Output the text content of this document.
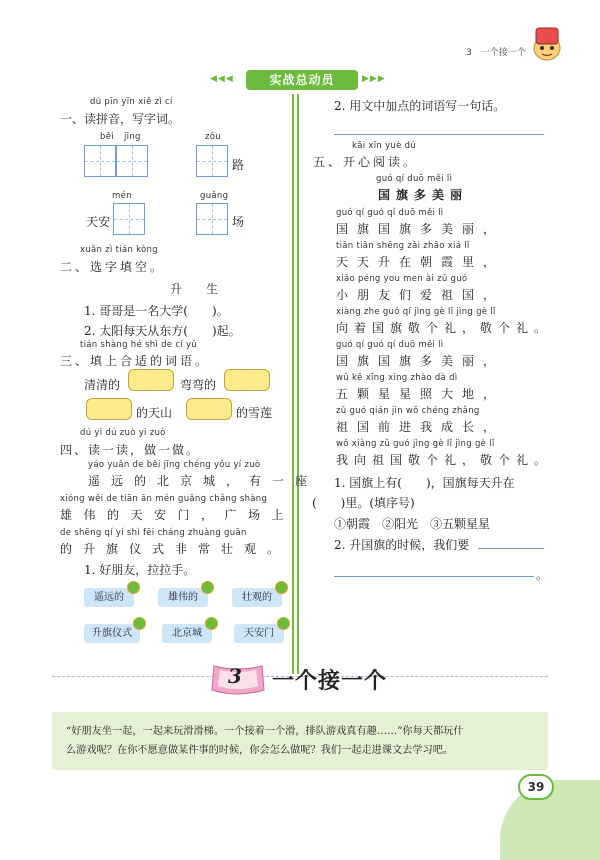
3　一个接一个
◀◀◀	实战总动员	▶▶▶
dú pīn yīn xiě zì cí
一、读拼音，写字词。
běi jīng	zǒu
路
mén
天安
guǎng
场
xuǎn zì tián kòng
二、选字填空。
升　　生
1. 哥哥是一名大学(　　)。
2. 太阳每天从东方(　　)起。
tián shàng hé shì de cí yǔ
三、填上合适的词语。
清清的	弯弯的
的天山	的雪莲
dú yi dú zuò yi zuò
四、读一读，做一做。
yáo yuǎn de běi jīng chéng yǒu yí zuò
遥远的北京城，有一座
xióng wěi de tiān ān mén guǎng chǎng shàng
雄伟的天安门，广场上
de shēng qí yí shì fēi cháng zhuàng guān
的升旗仪式非常壮观。
1. 好朋友，拉拉手。
遥远的	雄伟的	壮观的
升旗仪式	北京城	天安门
2. 用文中加点的词语写一句话。
kāi xīn yuè dú
五、开心阅读。
guó qí duō měi lì
国旗多美丽
guó qí guó qí duō měi lì
国旗国旗多美丽，
tiān tiān shēng zài zhāo xiá lǐ
天天升在朝霞里，
xiǎo péng you men ài zǔ guó
小朋友们爱祖国，
xiàng zhe guó qí jìng gè lǐ jìng gè lǐ
向着国旗敬个礼，敬个礼。
guó qí guó qí duō měi lì
国旗国旗多美丽，
wǔ kē xīng xing zhào dà dì
五颗星星照大地，
zǔ guó qián jìn wǒ chéng zhǎng
祖国前进我成长，
wǒ xiàng zǔ guó jìng gè lǐ jìng gè lǐ
我向祖国敬个礼，敬个礼。
1. 国旗上有(　　)，国旗每天升在
(　　)里。(填序号)
①朝霞　②阳光　③五颗星星
2. 升国旗的时候，我们要
。
3 一个接一个
“好朋友坐一起，一起来玩滑滑梯。一个接着一个滑，排队游戏真有趣……”你每天都玩什
么游戏呢？在你不愿意做某件事的时候，你会怎么做呢？我们一起走进课文去学习吧。
39
